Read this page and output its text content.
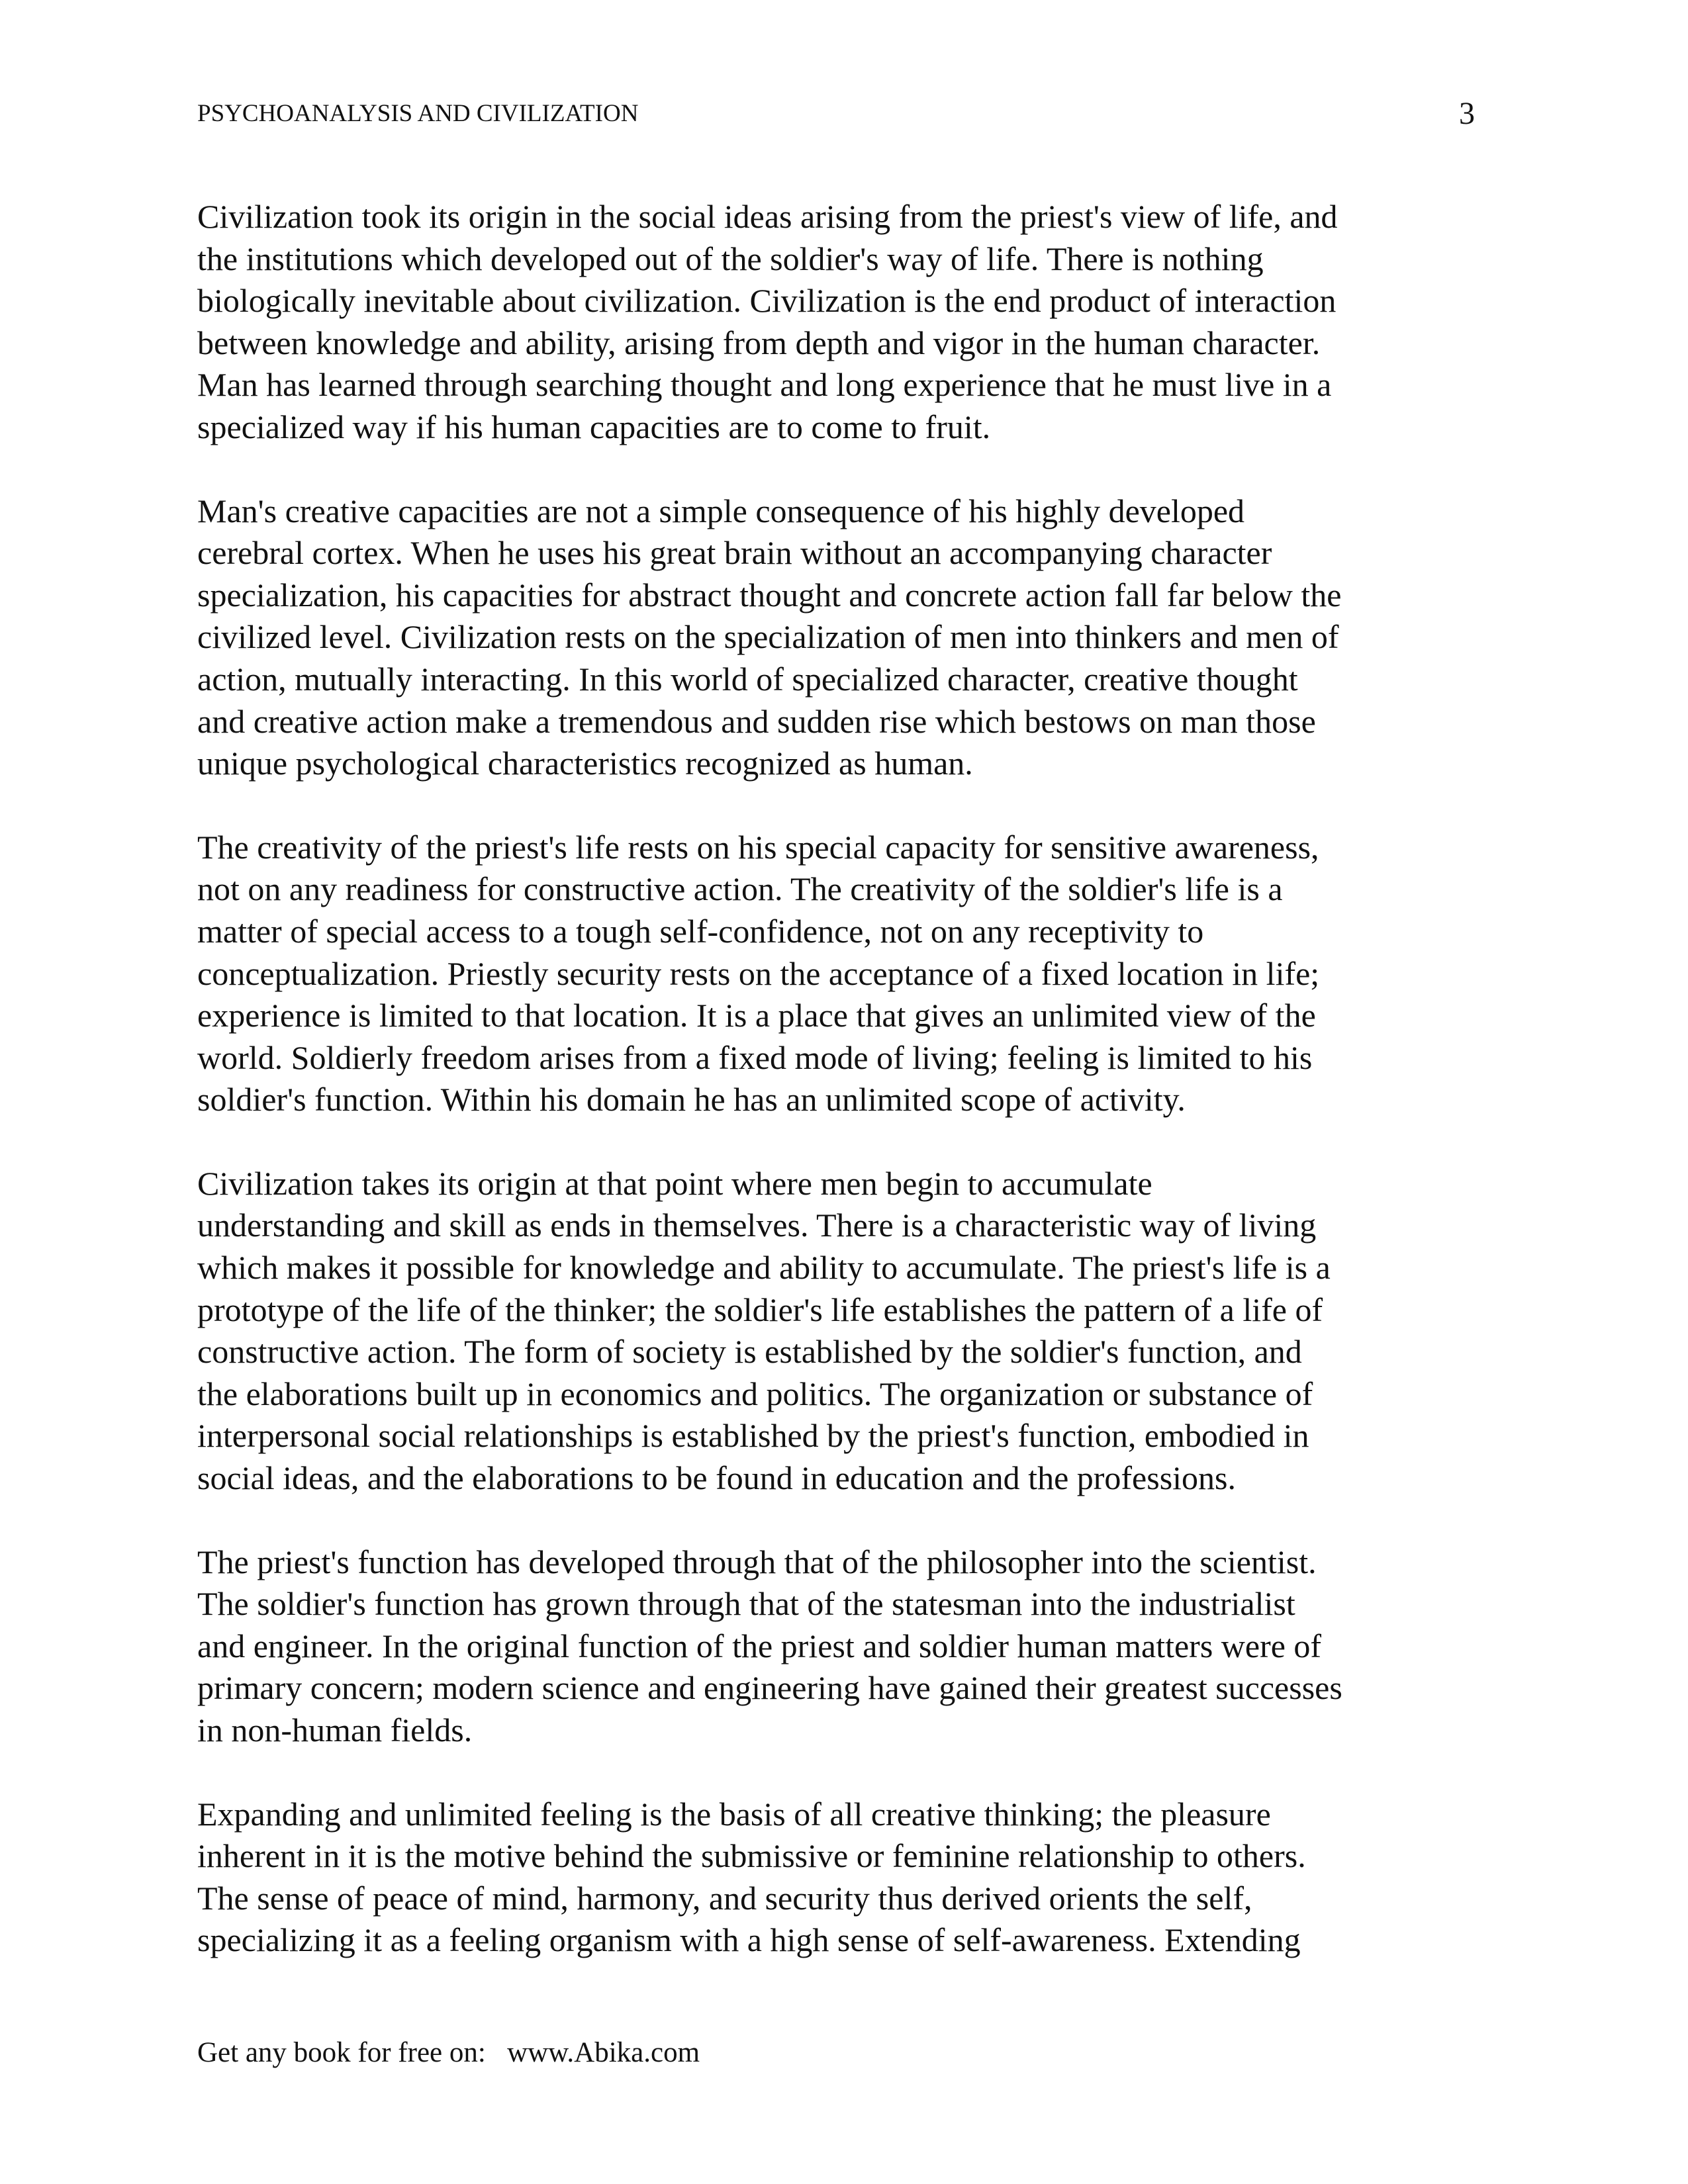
PSYCHOANALYSIS AND CIVILIZATION	3

Civilization took its origin in the social ideas arising from the priest's view of life, and
the institutions which developed out of the soldier's way of life. There is nothing
biologically inevitable about civilization. Civilization is the end product of interaction
between knowledge and ability, arising from depth and vigor in the human character.
Man has learned through searching thought and long experience that he must live in a
specialized way if his human capacities are to come to fruit.

Man's creative capacities are not a simple consequence of his highly developed
cerebral cortex. When he uses his great brain without an accompanying character
specialization, his capacities for abstract thought and concrete action fall far below the
civilized level. Civilization rests on the specialization of men into thinkers and men of
action, mutually interacting. In this world of specialized character, creative thought
and creative action make a tremendous and sudden rise which bestows on man those
unique psychological characteristics recognized as human.

The creativity of the priest's life rests on his special capacity for sensitive awareness,
not on any readiness for constructive action. The creativity of the soldier's life is a
matter of special access to a tough self-confidence, not on any receptivity to
conceptualization. Priestly security rests on the acceptance of a fixed location in life;
experience is limited to that location. It is a place that gives an unlimited view of the
world. Soldierly freedom arises from a fixed mode of living; feeling is limited to his
soldier's function. Within his domain he has an unlimited scope of activity.

Civilization takes its origin at that point where men begin to accumulate
understanding and skill as ends in themselves. There is a characteristic way of living
which makes it possible for knowledge and ability to accumulate. The priest's life is a
prototype of the life of the thinker; the soldier's life establishes the pattern of a life of
constructive action. The form of society is established by the soldier's function, and
the elaborations built up in economics and politics. The organization or substance of
interpersonal social relationships is established by the priest's function, embodied in
social ideas, and the elaborations to be found in education and the professions.

The priest's function has developed through that of the philosopher into the scientist.
The soldier's function has grown through that of the statesman into the industrialist
and engineer. In the original function of the priest and soldier human matters were of
primary concern; modern science and engineering have gained their greatest successes
in non-human fields.

Expanding and unlimited feeling is the basis of all creative thinking; the pleasure
inherent in it is the motive behind the submissive or feminine relationship to others.
The sense of peace of mind, harmony, and security thus derived orients the self,
specializing it as a feeling organism with a high sense of self-awareness. Extending

Get any book for free on:   www.Abika.com
